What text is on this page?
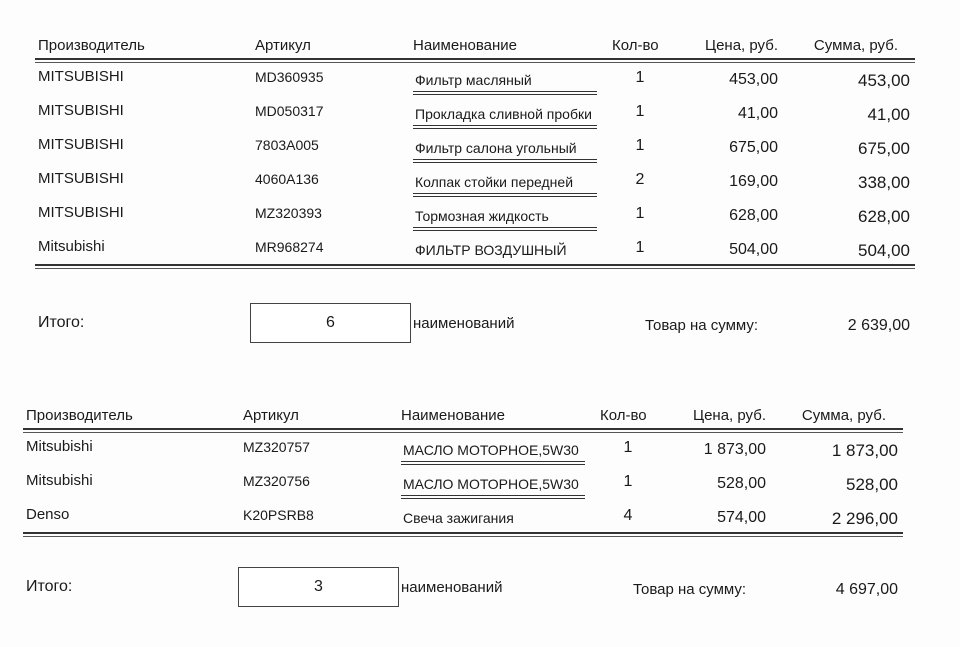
Производитель	Артикул	Наименование	Кол-во	Цена, руб.	Сумма, руб.
MITSUBISHI	MD360935	Фильтр масляный	1	453,00	453,00
MITSUBISHI	MD050317	Прокладка сливной пробки	1	41,00	41,00
MITSUBISHI	7803A005	Фильтр салона угольный	1	675,00	675,00
MITSUBISHI	4060A136	Колпак стойки передней	2	169,00	338,00
MITSUBISHI	MZ320393	Тормозная жидкость	1	628,00	628,00
Mitsubishi	MR968274	ФИЛЬТР ВОЗДУШНЫЙ	1	504,00	504,00
Итого:	6	наименований	Товар на сумму:	2 639,00
Производитель	Артикул	Наименование	Кол-во	Цена, руб.	Сумма, руб.
Mitsubishi	MZ320757	МАСЛО МОТОРНОЕ,5W30	1	1 873,00	1 873,00
Mitsubishi	MZ320756	МАСЛО МОТОРНОЕ,5W30	1	528,00	528,00
Denso	K20PSRB8	Свеча зажигания	4	574,00	2 296,00
Итого:	3	наименований	Товар на сумму:	4 697,00
